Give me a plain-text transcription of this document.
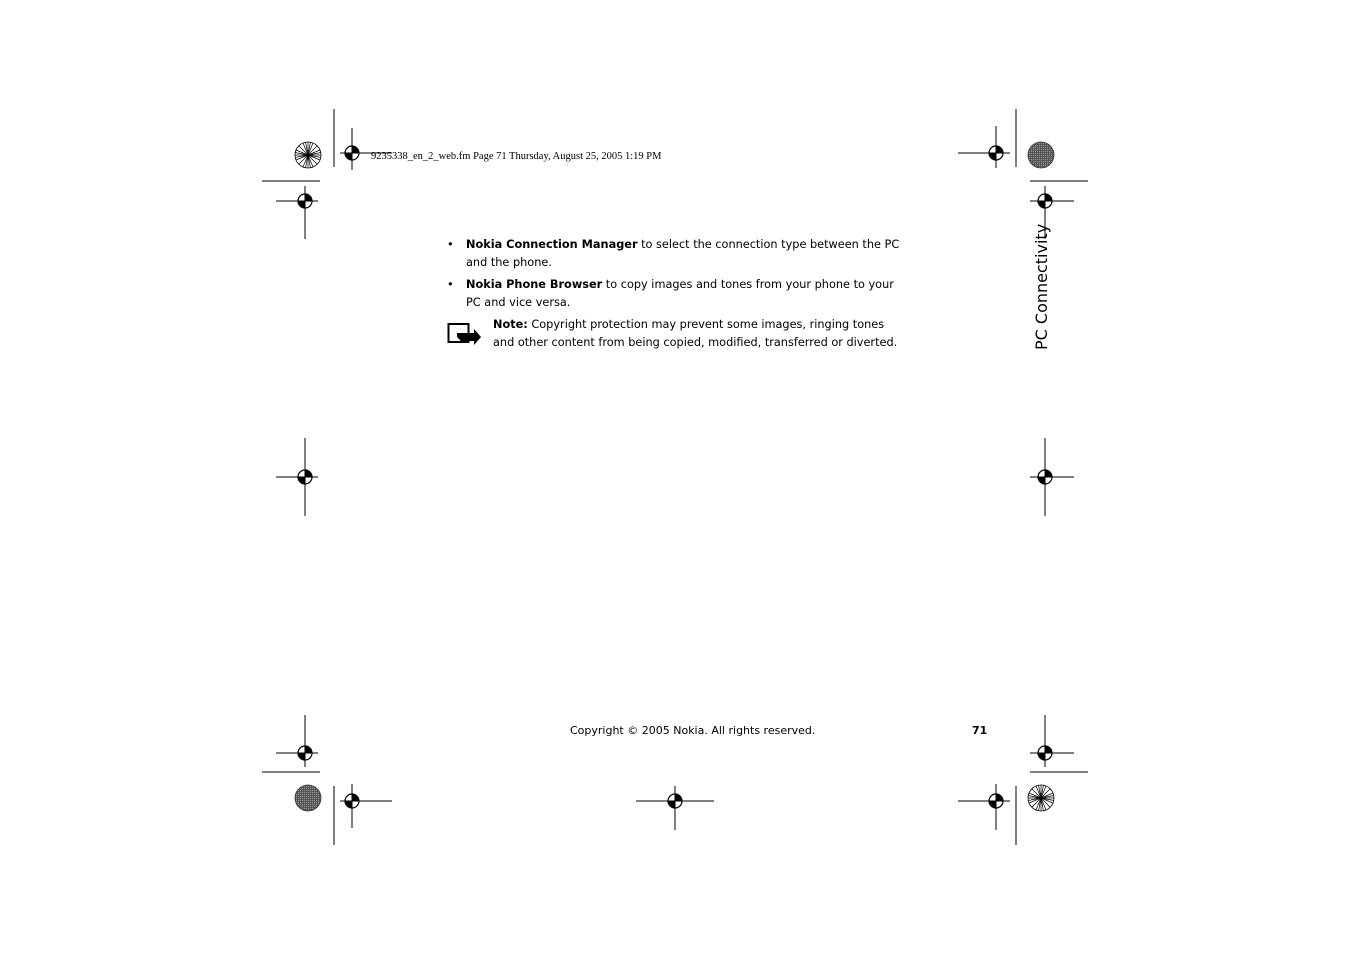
9235338_en_2_web.fm Page 71 Thursday, August 25, 2005 1:19 PM
• Nokia Connection Manager to select the connection type between the PC and the phone.
• Nokia Phone Browser to copy images and tones from your phone to your PC and vice versa.
Note: Copyright protection may prevent some images, ringing tones and other content from being copied, modified, transferred or diverted.	PC Connectivity
Copyright © 2005 Nokia. All rights reserved.	71
